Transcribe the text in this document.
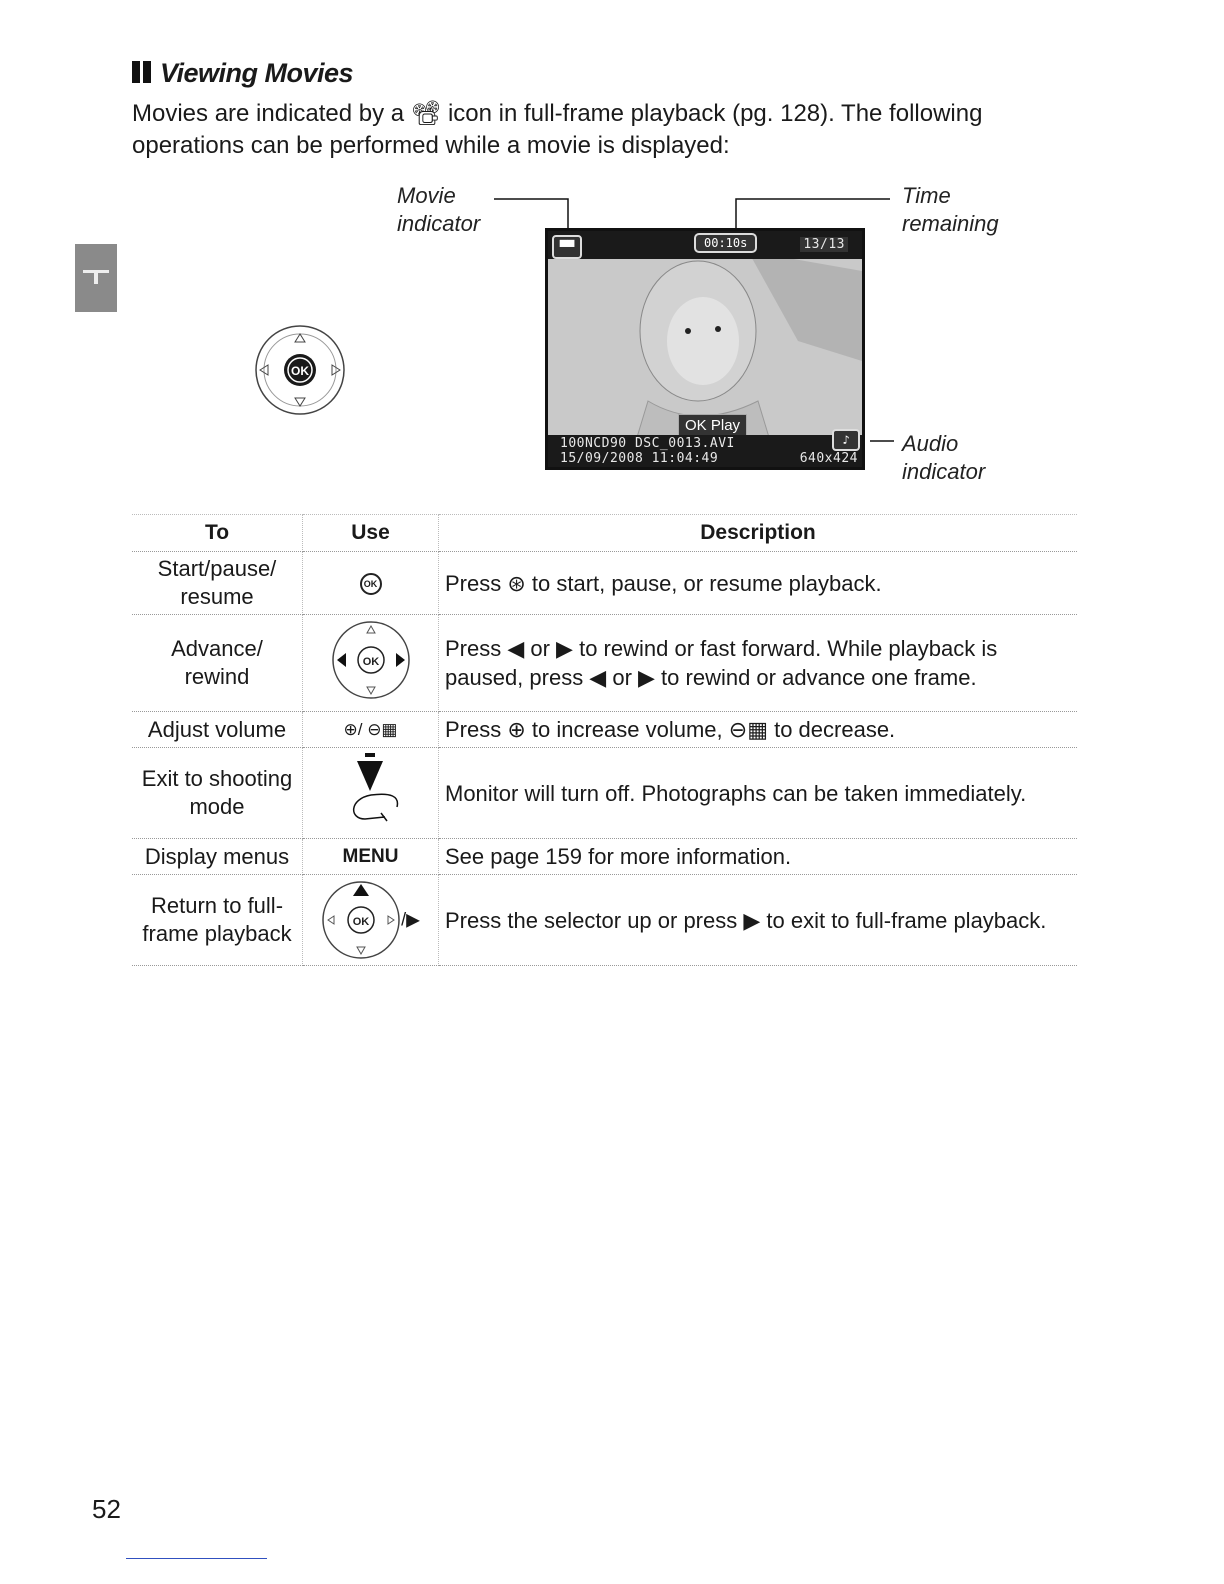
Viewing Movies
Movies are indicated by a 📽 icon in full-frame playback (pg. 128). The following operations can be performed while a movie is displayed:
OK
Movie
indicator
Time
remaining
Audio
indicator
▀▀	00:10s	13/13
OK Play
100NCD90 DSC_0013.AVI
15/09/2008 11:04:49	640x424
♪
To	Use	Description
Start/pause/ resume	OK	Press ⊛ to start, pause, or resume playback.
Advance/ rewind	OK	Press ◀ or ▶ to rewind or fast forward. While playback is paused, press ◀ or ▶ to rewind or advance one frame.
Adjust volume	⊕/ ⊖▦	Press ⊕ to increase volume, ⊖▦ to decrease.
Exit to shooting mode		Monitor will turn off. Photographs can be taken immediately.
Display menus	MENU	See page 159 for more information.
Return to full- frame playback	OK /▶	Press the selector up or press ▶ to exit to full-frame playback.
52
